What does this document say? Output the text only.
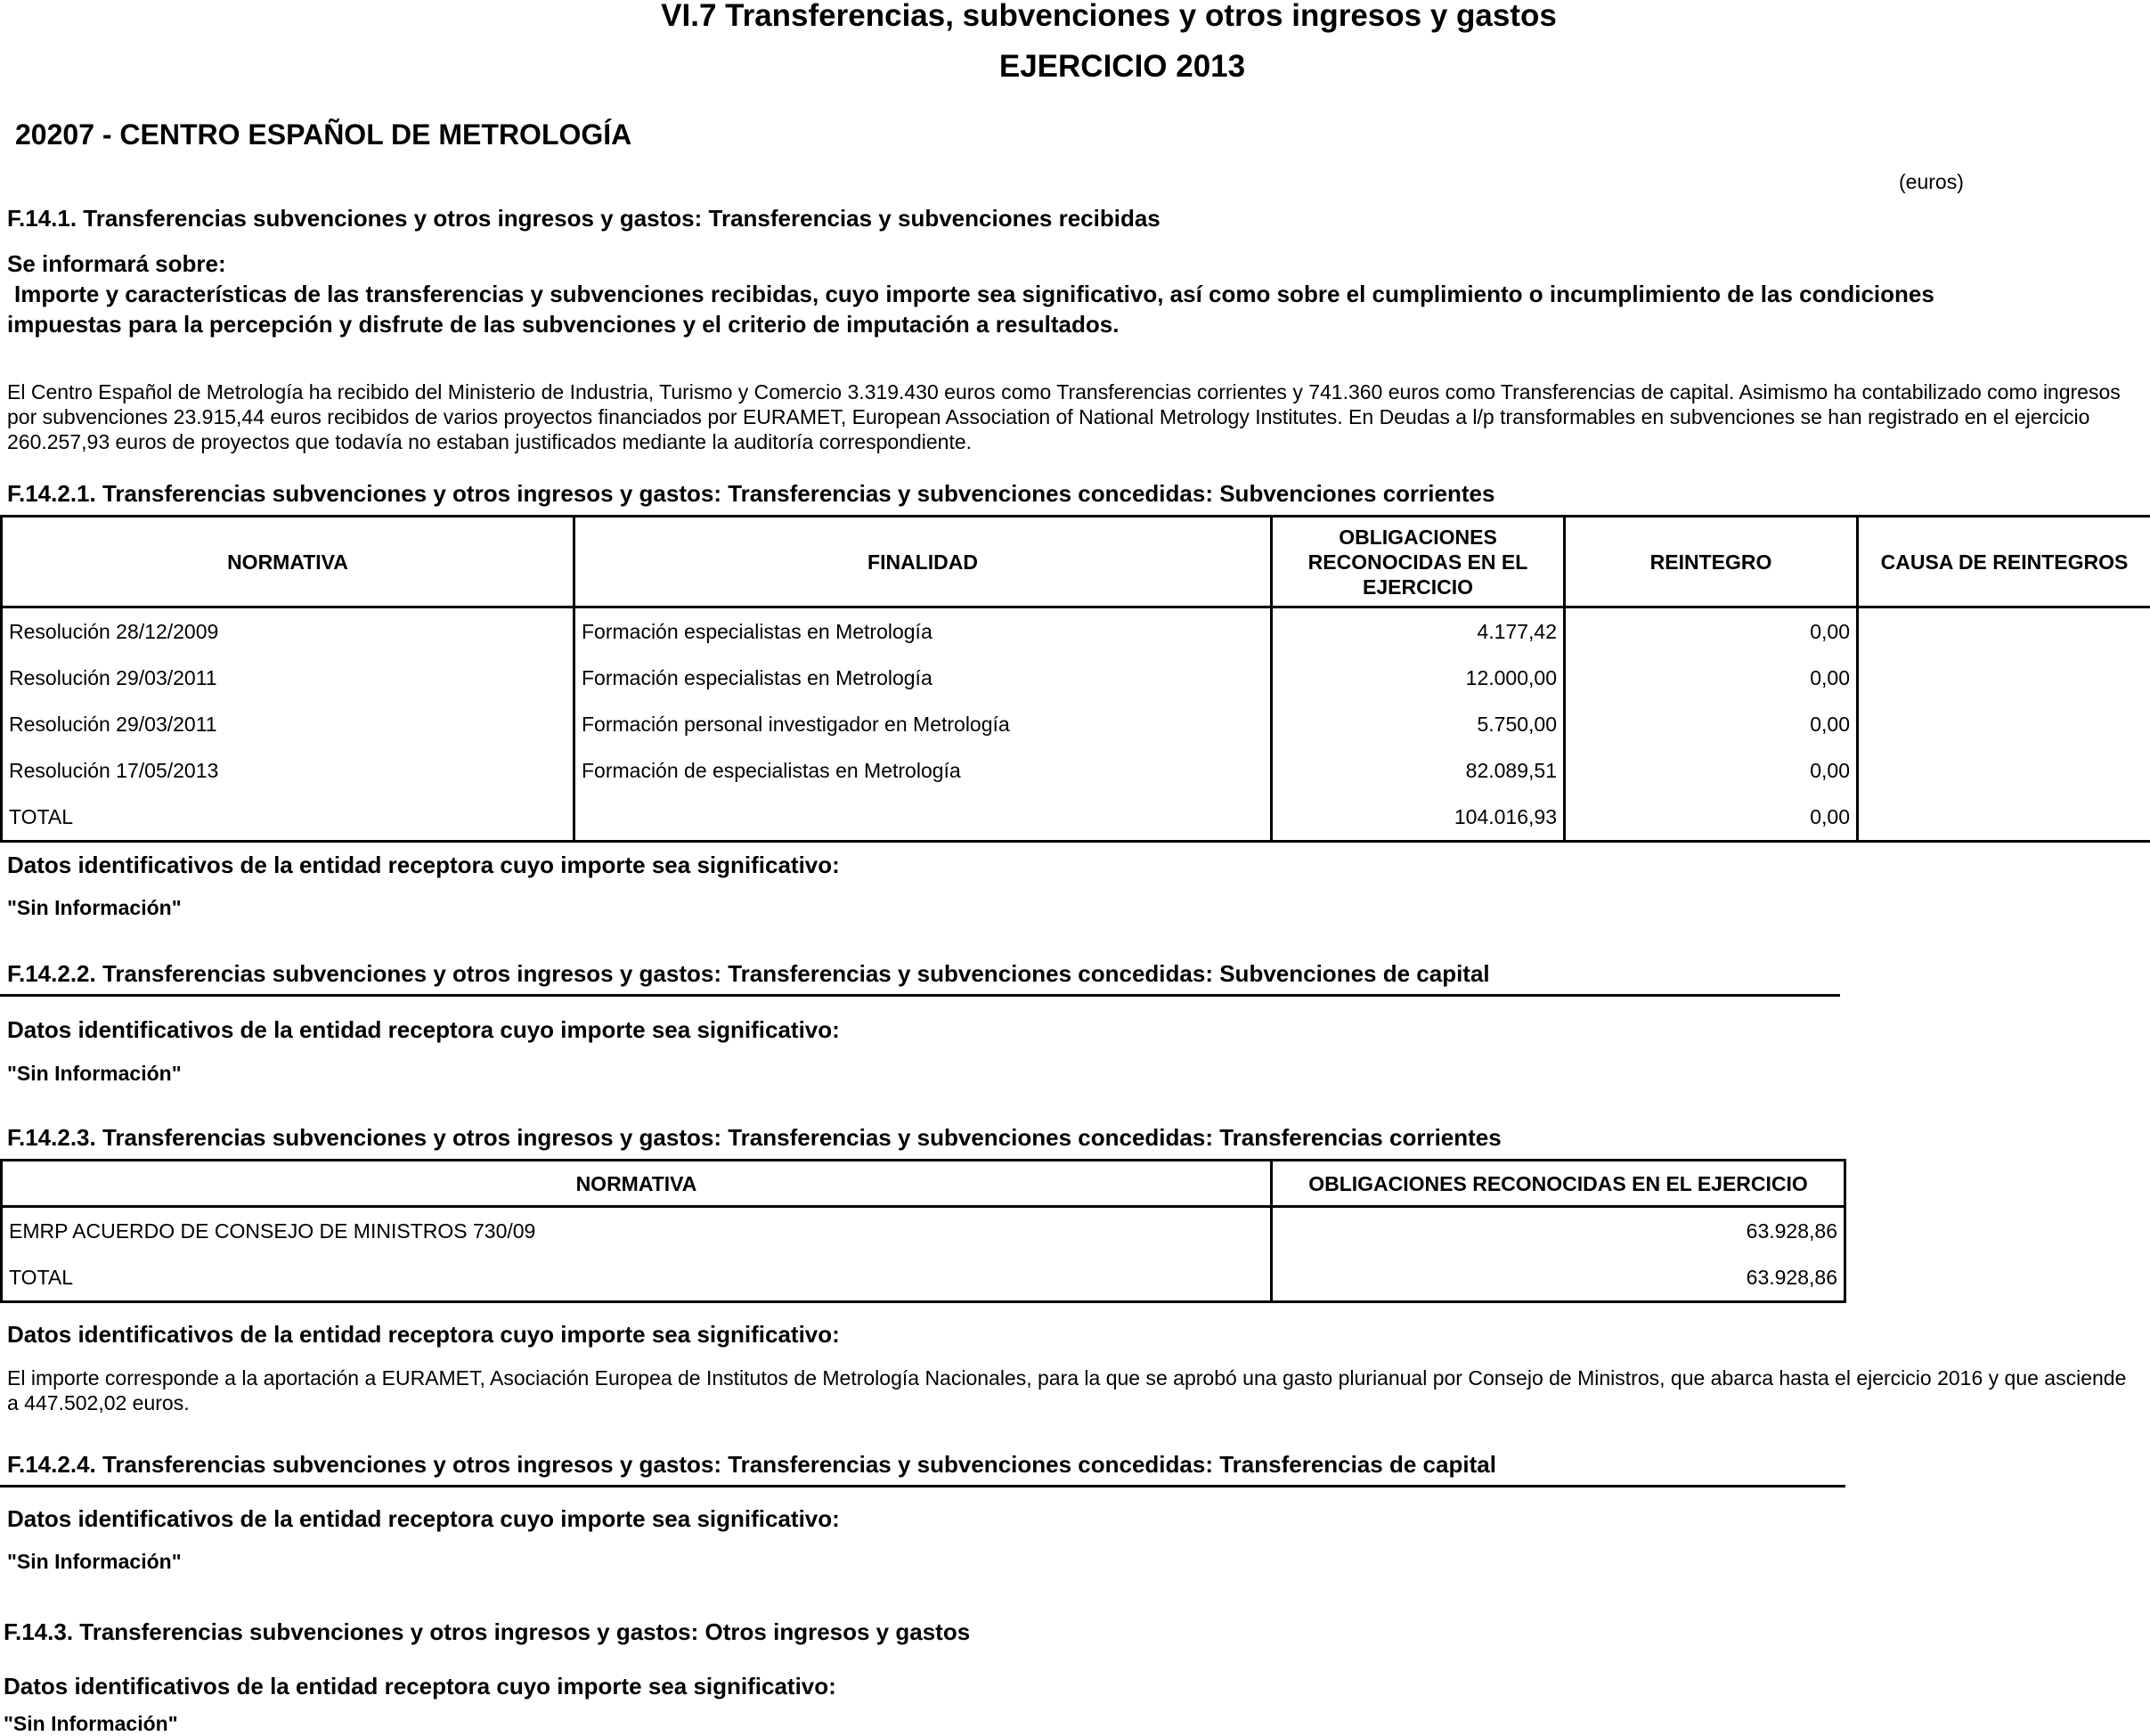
VI.7 Transferencias, subvenciones y otros ingresos y gastos
EJERCICIO 2013
20207 - CENTRO ESPAÑOL DE METROLOGÍA
(euros)
F.14.1. Transferencias subvenciones y otros ingresos y gastos: Transferencias y subvenciones recibidas
Se informará sobre:
Importe y características de las transferencias y subvenciones recibidas, cuyo importe sea significativo, así como sobre el cumplimiento o incumplimiento de las condiciones impuestas para la percepción y disfrute de las subvenciones y el criterio de imputación a resultados.
El Centro Español de Metrología ha recibido del Ministerio de Industria, Turismo y Comercio 3.319.430 euros como Transferencias corrientes y 741.360 euros como Transferencias de capital. Asimismo ha contabilizado como ingresos por subvenciones 23.915,44 euros recibidos de varios proyectos financiados por EURAMET, European Association of National Metrology Institutes. En Deudas a l/p transformables en subvenciones se han registrado en el ejercicio 260.257,93 euros de proyectos que todavía no estaban justificados mediante la auditoría correspondiente.
F.14.2.1. Transferencias subvenciones y otros ingresos y gastos: Transferencias y subvenciones concedidas: Subvenciones corrientes
NORMATIVA	FINALIDAD	OBLIGACIONES RECONOCIDAS EN EL EJERCICIO	REINTEGRO	CAUSA DE REINTEGROS
Resolución 28/12/2009	Formación especialistas en Metrología	4.177,42	0,00	
Resolución 29/03/2011	Formación especialistas en Metrología	12.000,00	0,00	
Resolución 29/03/2011	Formación personal investigador en Metrología	5.750,00	0,00	
Resolución 17/05/2013	Formación de especialistas en Metrología	82.089,51	0,00	
TOTAL		104.016,93	0,00	
Datos identificativos de la entidad receptora cuyo importe sea significativo:
"Sin Información"
F.14.2.2. Transferencias subvenciones y otros ingresos y gastos: Transferencias y subvenciones concedidas: Subvenciones de capital
Datos identificativos de la entidad receptora cuyo importe sea significativo:
"Sin Información"
F.14.2.3. Transferencias subvenciones y otros ingresos y gastos: Transferencias y subvenciones concedidas: Transferencias corrientes
NORMATIVA	OBLIGACIONES RECONOCIDAS EN EL EJERCICIO
EMRP ACUERDO DE CONSEJO DE MINISTROS 730/09	63.928,86
TOTAL	63.928,86
Datos identificativos de la entidad receptora cuyo importe sea significativo:
El importe corresponde a la aportación a EURAMET, Asociación Europea de Institutos de Metrología Nacionales, para la que se aprobó una gasto plurianual por Consejo de Ministros, que abarca hasta el ejercicio 2016 y que asciende a 447.502,02 euros.
F.14.2.4. Transferencias subvenciones y otros ingresos y gastos: Transferencias y subvenciones concedidas: Transferencias de capital
Datos identificativos de la entidad receptora cuyo importe sea significativo:
"Sin Información"
F.14.3. Transferencias subvenciones y otros ingresos y gastos: Otros ingresos y gastos
Datos identificativos de la entidad receptora cuyo importe sea significativo:
"Sin Información"
